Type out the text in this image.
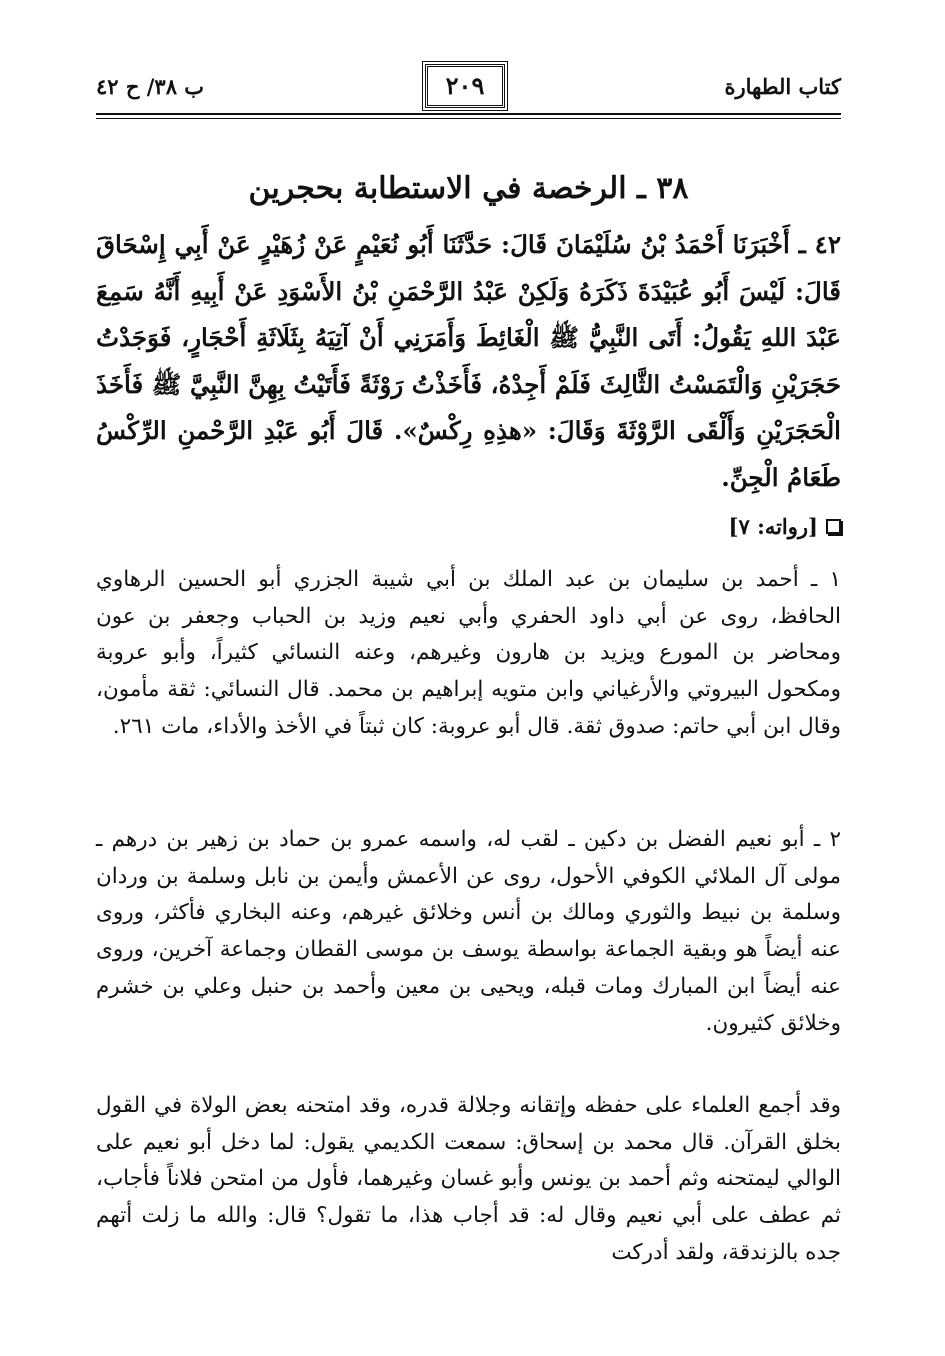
كتاب الطهارة
٢٠٩
ب ٣٨/ ح ٤٢
٣٨ ـ الرخصة في الاستطابة بحجرين

٤٢ ـ أَخْبَرَنَا أَحْمَدُ بْنُ سُلَيْمَانَ قَالَ: حَدَّثَنَا أَبُو نُعَيْمٍ عَنْ زُهَيْرٍ عَنْ أَبِي إِسْحَاقَ قَالَ: لَيْسَ أَبُو عُبَيْدَةَ ذَكَرَهُ وَلَكِنْ عَبْدُ الرَّحْمَنِ بْنُ الأَسْوَدِ عَنْ أَبِيهِ أَنَّهُ سَمِعَ عَبْدَ اللهِ يَقُولُ: أَتَى النَّبِيُّ ﷺ الْغَائِطَ وَأَمَرَنِي أَنْ آتِيَهُ بِثَلَاثَةِ أَحْجَارٍ، فَوَجَدْتُ حَجَرَيْنِ وَالْتَمَسْتُ الثَّالِثَ فَلَمْ أَجِدْهُ، فَأَخَذْتُ رَوْثَةً فَأَتَيْتُ بِهِنَّ النَّبِيَّ ﷺ فَأَخَذَ الْحَجَرَيْنِ وَأَلْقَى الرَّوْثَةَ وَقَالَ: «هذِهِ رِكْسٌ». قَالَ أَبُو عَبْدِ الرَّحْمنِ الرِّكْسُ طَعَامُ الْجِنِّ.

[رواته: ٧]

١ ـ أحمد بن سليمان بن عبد الملك بن أبي شيبة الجزري أبو الحسين الرهاوي الحافظ، روى عن أبي داود الحفري وأبي نعيم وزيد بن الحباب وجعفر بن عون ومحاضر بن المورع ويزيد بن هارون وغيرهم، وعنه النسائي كثيراً، وأبو عروبة ومكحول البيروتي والأرغياني وابن متويه إبراهيم بن محمد. قال النسائي: ثقة مأمون، وقال ابن أبي حاتم: صدوق ثقة. قال أبو عروبة: كان ثبتاً في الأخذ والأداء، مات ٢٦١.

٢ ـ أبو نعيم الفضل بن دكين ـ لقب له، واسمه عمرو بن حماد بن زهير بن درهم ـ مولى آل الملائي الكوفي الأحول، روى عن الأعمش وأيمن بن نابل وسلمة بن وردان وسلمة بن نبيط والثوري ومالك بن أنس وخلائق غيرهم، وعنه البخاري فأكثر، وروى عنه أيضاً هو وبقية الجماعة بواسطة يوسف بن موسى القطان وجماعة آخرين، وروى عنه أيضاً ابن المبارك ومات قبله، ويحيى بن معين وأحمد بن حنبل وعلي بن خشرم وخلائق كثيرون.

وقد أجمع العلماء على حفظه وإتقانه وجلالة قدره، وقد امتحنه بعض الولاة في القول بخلق القرآن. قال محمد بن إسحاق: سمعت الكديمي يقول: لما دخل أبو نعيم على الوالي ليمتحنه وثم أحمد بن يونس وأبو غسان وغيرهما، فأول من امتحن فلاناً فأجاب، ثم عطف على أبي نعيم وقال له: قد أجاب هذا، ما تقول؟ قال: والله ما زلت أتهم جده بالزندقة، ولقد أدركت
